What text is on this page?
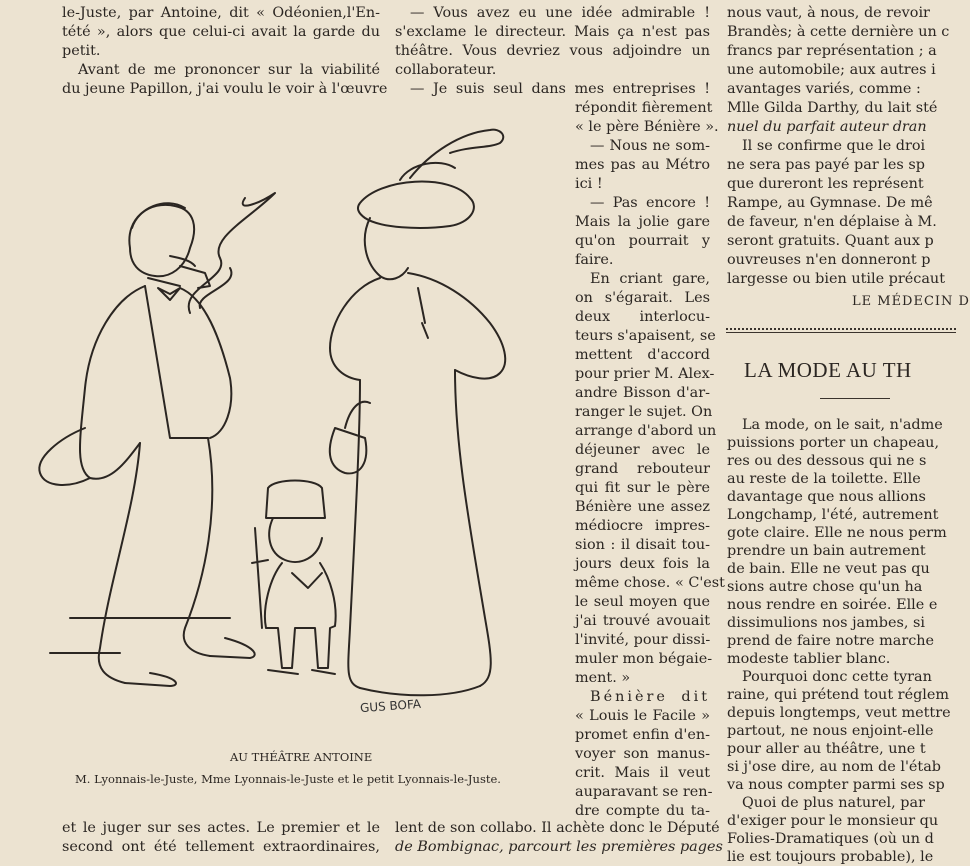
le-Juste, par Antoine, dit « Odéonien,l'En-
tété », alors que celui-ci avait la garde du
petit.
Avant de me prononcer sur la viabilité
du jeune Papillon, j'ai voulu le voir à l'œuvre
— Vous avez eu une idée admirable !
s'exclame le directeur. Mais ça n'est pas
théâtre. Vous devriez vous adjoindre un
collaborateur.
— Je suis seul dans mes entreprises !
répondit fièrement
« le père Bénière ».
— Nous ne som-
mes pas au Métro
ici !
— Pas encore !
Mais la jolie gare
qu'on pourrait y
faire.
En criant gare,
on s'égarait. Les
deux interlocu-
teurs s'apaisent, se
mettent d'accord
pour prier M. Alex-
andre Bisson d'ar-
ranger le sujet. On
arrange d'abord un
déjeuner avec le
grand rebouteur
qui fit sur le père
Bénière une assez
médiocre impres-
sion : il disait tou-
jours deux fois la
même chose. « C'est
le seul moyen que
j'ai trouvé avouait
l'invité, pour dissi-
muler mon bégaie-
ment. »
Bénière dit
« Louis le Facile »
promet enfin d'en-
voyer son manus-
crit. Mais il veut
auparavant se ren-
dre compte du ta-
nous vaut, à nous, de revoir
Brandès; à cette dernière un c
francs par représentation ; a
une automobile; aux autres i
avantages variés, comme :
Mlle Gilda Darthy, du lait sté
nuel du parfait auteur dran
Il se confirme que le droi
ne sera pas payé par les sp
que dureront les représent
Rampe, au Gymnase. De mê
de faveur, n'en déplaise à M.
seront gratuits. Quant aux p
ouvreuses n'en donneront p
largesse ou bien utile précaut
LE MÉDECIN D
LA MODE AU TH
La mode, on le sait, n'adme
puissions porter un chapeau,
res ou des dessous qui ne s
au reste de la toilette. Elle
davantage que nous allions
Longchamp, l'été, autrement
gote claire. Elle ne nous perm
prendre un bain autrement
de bain. Elle ne veut pas qu
sions autre chose qu'un ha
nous rendre en soirée. Elle e
dissimulions nos jambes, si
prend de faire notre marche
modeste tablier blanc.
Pourquoi donc cette tyran
raine, qui prétend tout réglem
depuis longtemps, veut mettre
partout, ne nous enjoint-elle
pour aller au théâtre, une t
si j'ose dire, au nom de l'étab
va nous compter parmi ses sp
Quoi de plus naturel, par
d'exiger pour le monsieur qu
Folies-Dramatiques (où un d
lie est toujours probable), le
GUS BOFA
AU THÉÂTRE ANTOINE
M. Lyonnais-le-Juste, Mme Lyonnais-le-Juste et le petit Lyonnais-le-Juste.
et le juger sur ses actes. Le premier et le
second ont été tellement extraordinaires,
lent de son collabo. Il achète donc le Député
de Bombignac, parcourt les premières pages
